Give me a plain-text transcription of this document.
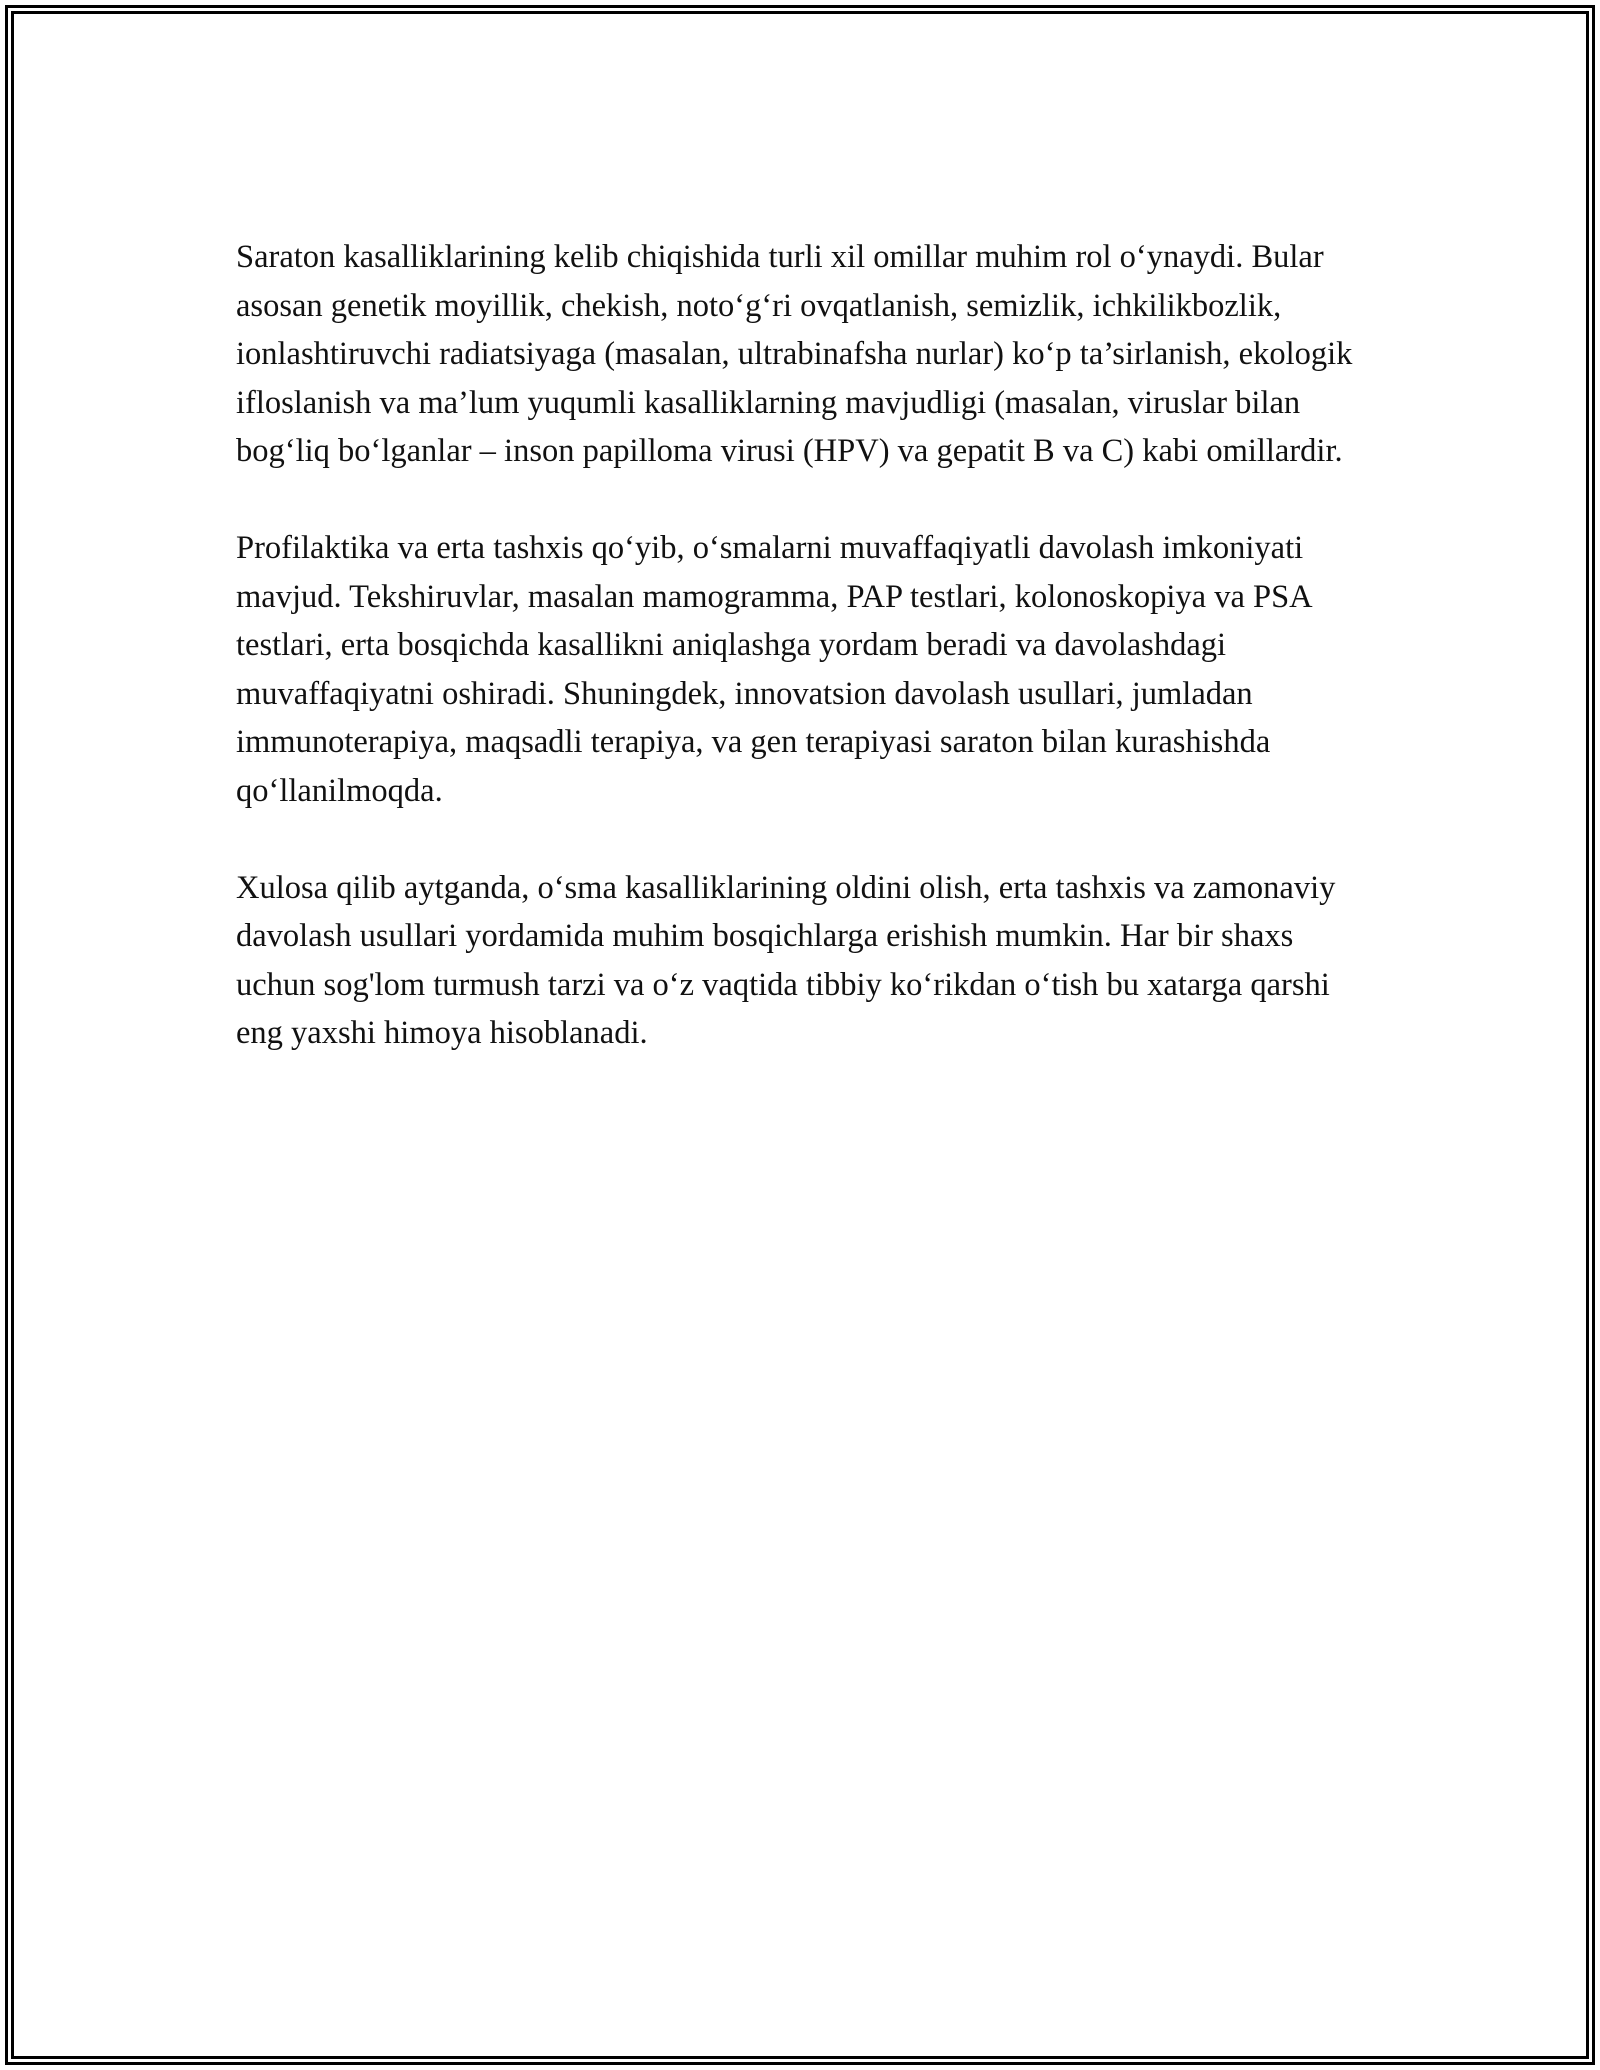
Saraton kasalliklarining kelib chiqishida turli xil omillar muhim rol o‘ynaydi. Bular asosan genetik moyillik, chekish, noto‘g‘ri ovqatlanish, semizlik, ichkilikbozlik, ionlashtiruvchi radiatsiyaga (masalan, ultrabinafsha nurlar) ko‘p ta’sirlanish, ekologik ifloslanish va ma’lum yuqumli kasalliklarning mavjudligi (masalan, viruslar bilan bog‘liq bo‘lganlar – inson papilloma virusi (HPV) va gepatit B va C) kabi omillardir.

Profilaktika va erta tashxis qo‘yib, o‘smalarni muvaffaqiyatli davolash imkoniyati mavjud. Tekshiruvlar, masalan mamogramma, PAP testlari, kolonoskopiya va PSA testlari, erta bosqichda kasallikni aniqlashga yordam beradi va davolashdagi muvaffaqiyatni oshiradi. Shuningdek, innovatsion davolash usullari, jumladan immunoterapiya, maqsadli terapiya, va gen terapiyasi saraton bilan kurashishda qo‘llanilmoqda.

Xulosa qilib aytganda, o‘sma kasalliklarining oldini olish, erta tashxis va zamonaviy davolash usullari yordamida muhim bosqichlarga erishish mumkin. Har bir shaxs uchun sog'lom turmush tarzi va o‘z vaqtida tibbiy ko‘rikdan o‘tish bu xatarga qarshi eng yaxshi himoya hisoblanadi.
